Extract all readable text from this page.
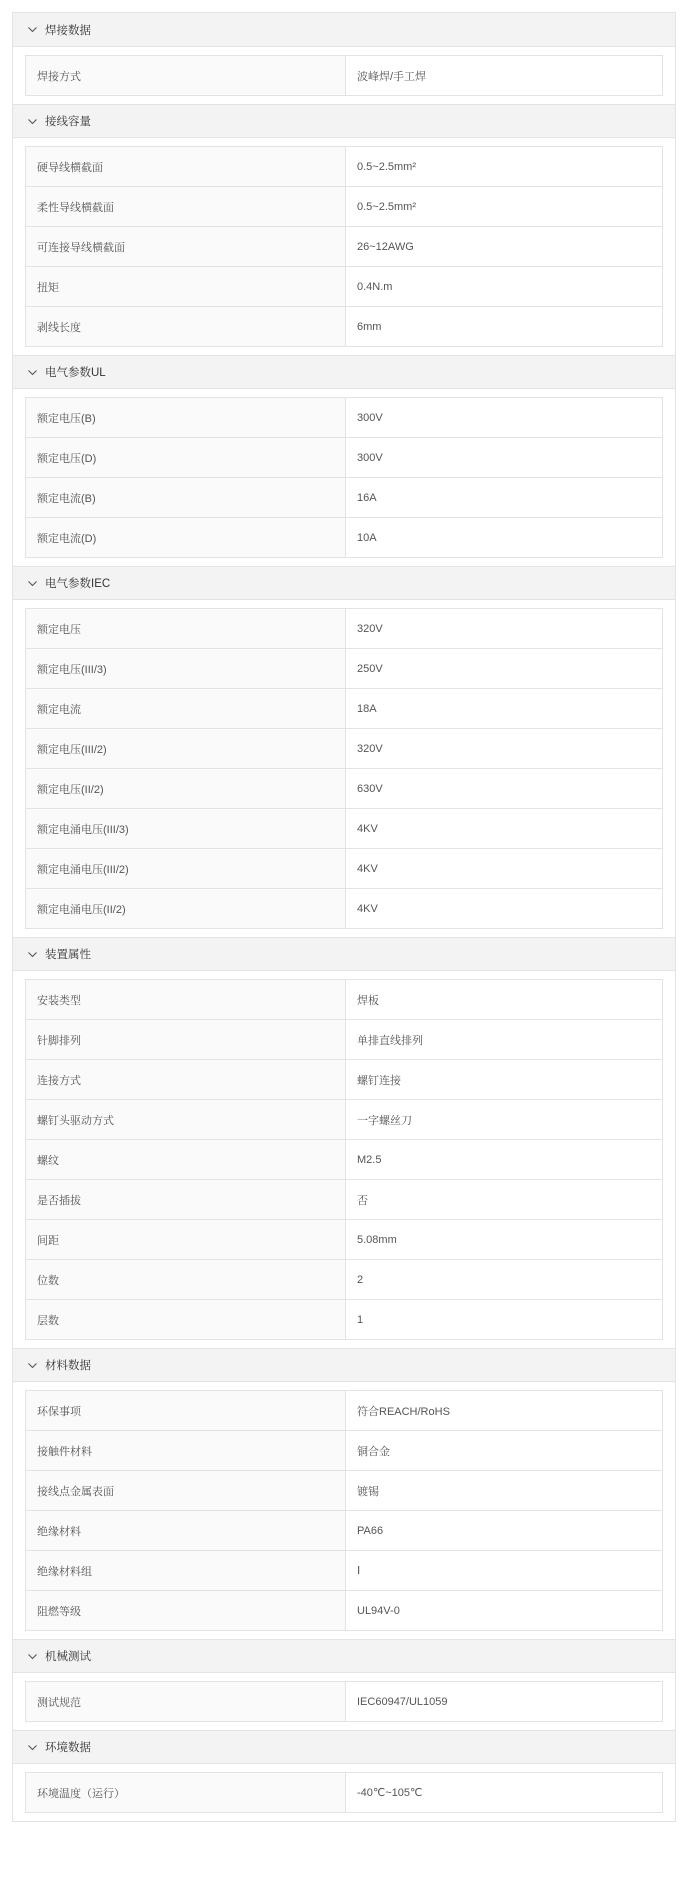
焊接数据
焊接方式	波峰焊/手工焊
接线容量
硬导线横截面	0.5~2.5mm²
柔性导线横截面	0.5~2.5mm²
可连接导线横截面	26~12AWG
扭矩	0.4N.m
剥线长度	6mm
电气参数UL
额定电压(B)	300V
额定电压(D)	300V
额定电流(B)	16A
额定电流(D)	10A
电气参数IEC
额定电压	320V
额定电压(III/3)	250V
额定电流	18A
额定电压(III/2)	320V
额定电压(II/2)	630V
额定电涌电压(III/3)	4KV
额定电涌电压(III/2)	4KV
额定电涌电压(II/2)	4KV
装置属性
安装类型	焊板
针脚排列	单排直线排列
连接方式	螺钉连接
螺钉头驱动方式	一字螺丝刀
螺纹	M2.5
是否插拔	否
间距	5.08mm
位数	2
层数	1
材料数据
环保事项	符合REACH/RoHS
接触件材料	铜合金
接线点金属表面	镀锡
绝缘材料	PA66
绝缘材料组	Ⅰ
阻燃等级	UL94V-0
机械测试
测试规范	IEC60947/UL1059
环境数据
环境温度（运行）	-40℃~105℃
